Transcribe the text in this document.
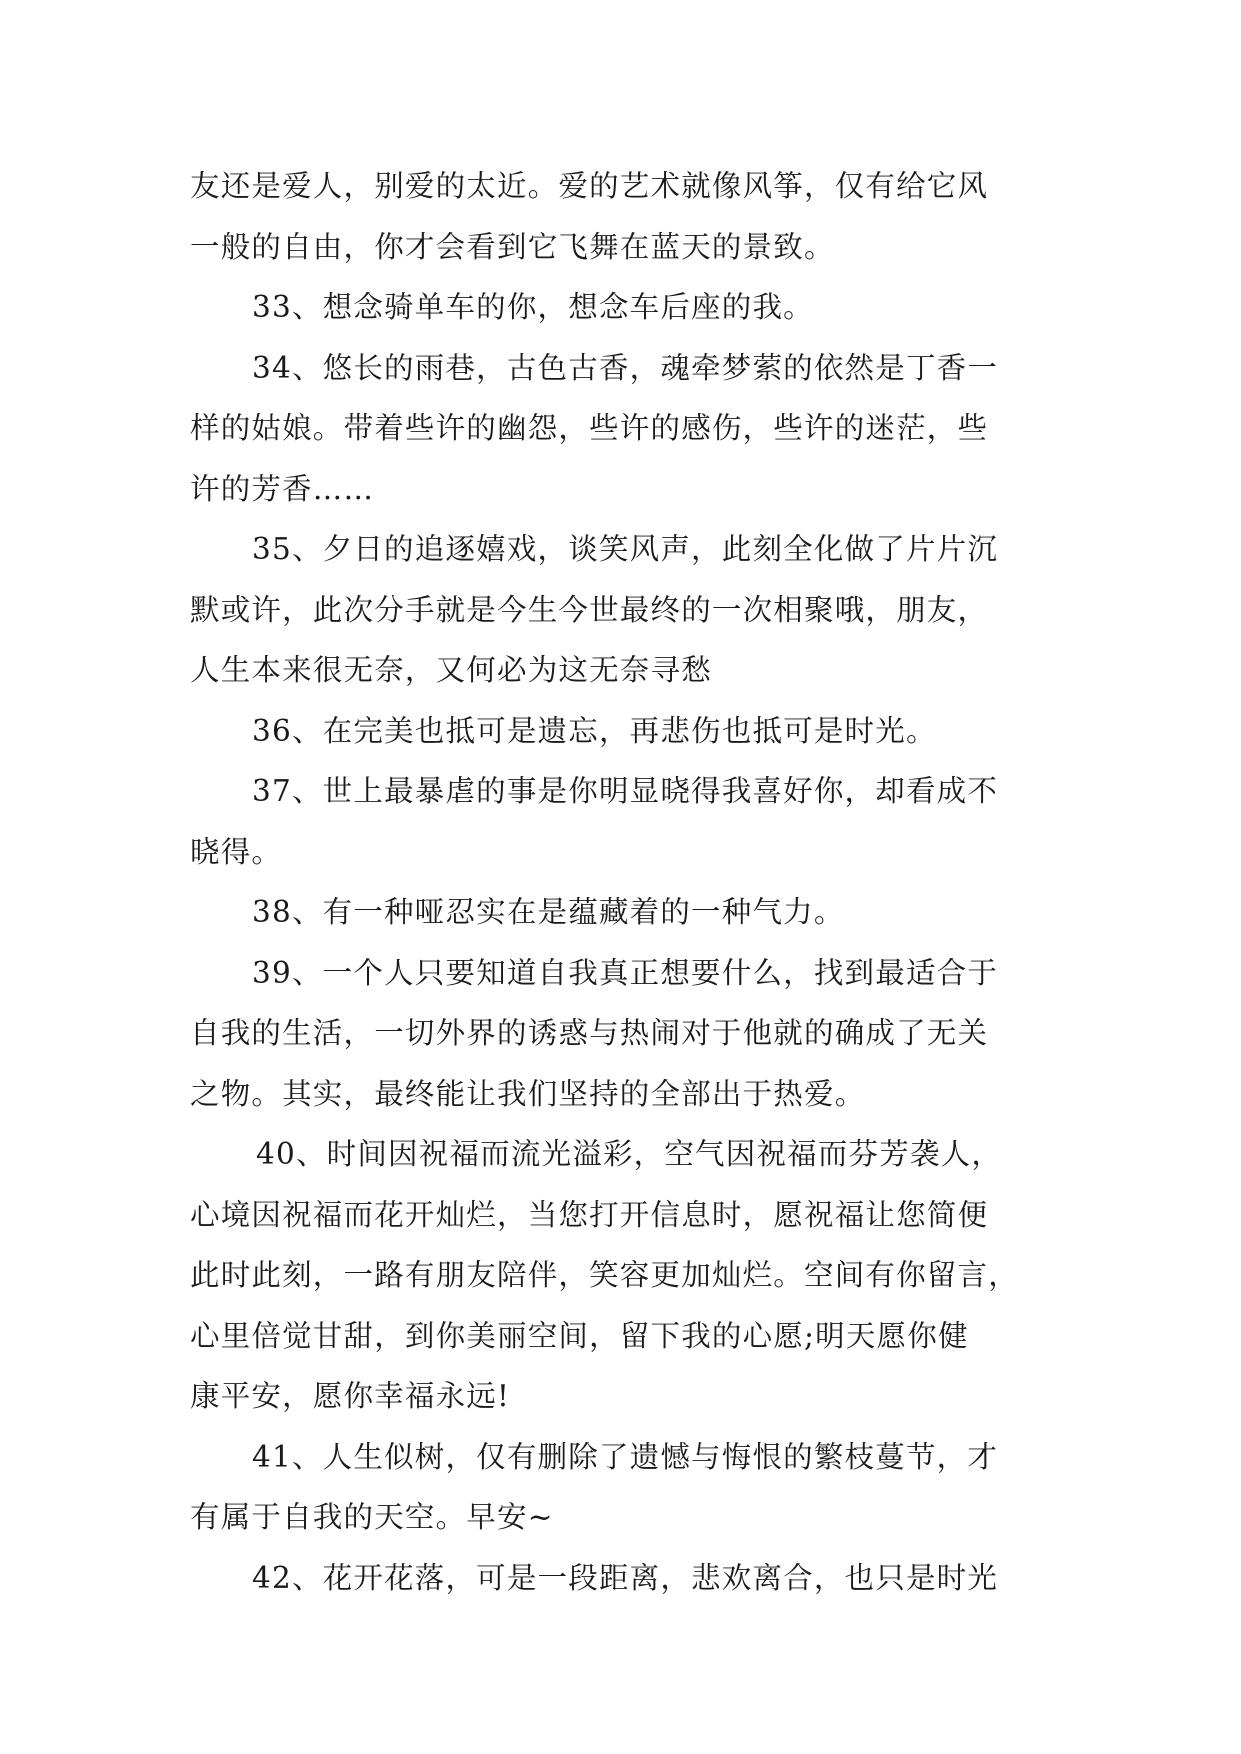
友还是爱人，别爱的太近。爱的艺术就像风筝，仅有给它风
一般的自由，你才会看到它飞舞在蓝天的景致。
33、想念骑单车的你，想念车后座的我。
34、悠长的雨巷，古色古香，魂牵梦萦的依然是丁香一
样的姑娘。带着些许的幽怨，些许的感伤，些许的迷茫，些
许的芳香……
35、夕日的追逐嬉戏，谈笑风声，此刻全化做了片片沉
默或许，此次分手就是今生今世最终的一次相聚哦，朋友，
人生本来很无奈，又何必为这无奈寻愁
36、在完美也抵可是遗忘，再悲伤也抵可是时光。
37、世上最暴虐的事是你明显晓得我喜好你，却看成不
晓得。
38、有一种哑忍实在是蕴藏着的一种气力。
39、一个人只要知道自我真正想要什么，找到最适合于
自我的生活，一切外界的诱惑与热闹对于他就的确成了无关
之物。其实，最终能让我们坚持的全部出于热爱。
40、时间因祝福而流光溢彩，空气因祝福而芬芳袭人，
心境因祝福而花开灿烂，当您打开信息时，愿祝福让您简便
此时此刻，一路有朋友陪伴，笑容更加灿烂。空间有你留言，
心里倍觉甘甜，到你美丽空间，留下我的心愿;明天愿你健
康平安，愿你幸福永远!
41、人生似树，仅有删除了遗憾与悔恨的繁枝蔓节，才
有属于自我的天空。早安~
42、花开花落，可是一段距离，悲欢离合，也只是时光
